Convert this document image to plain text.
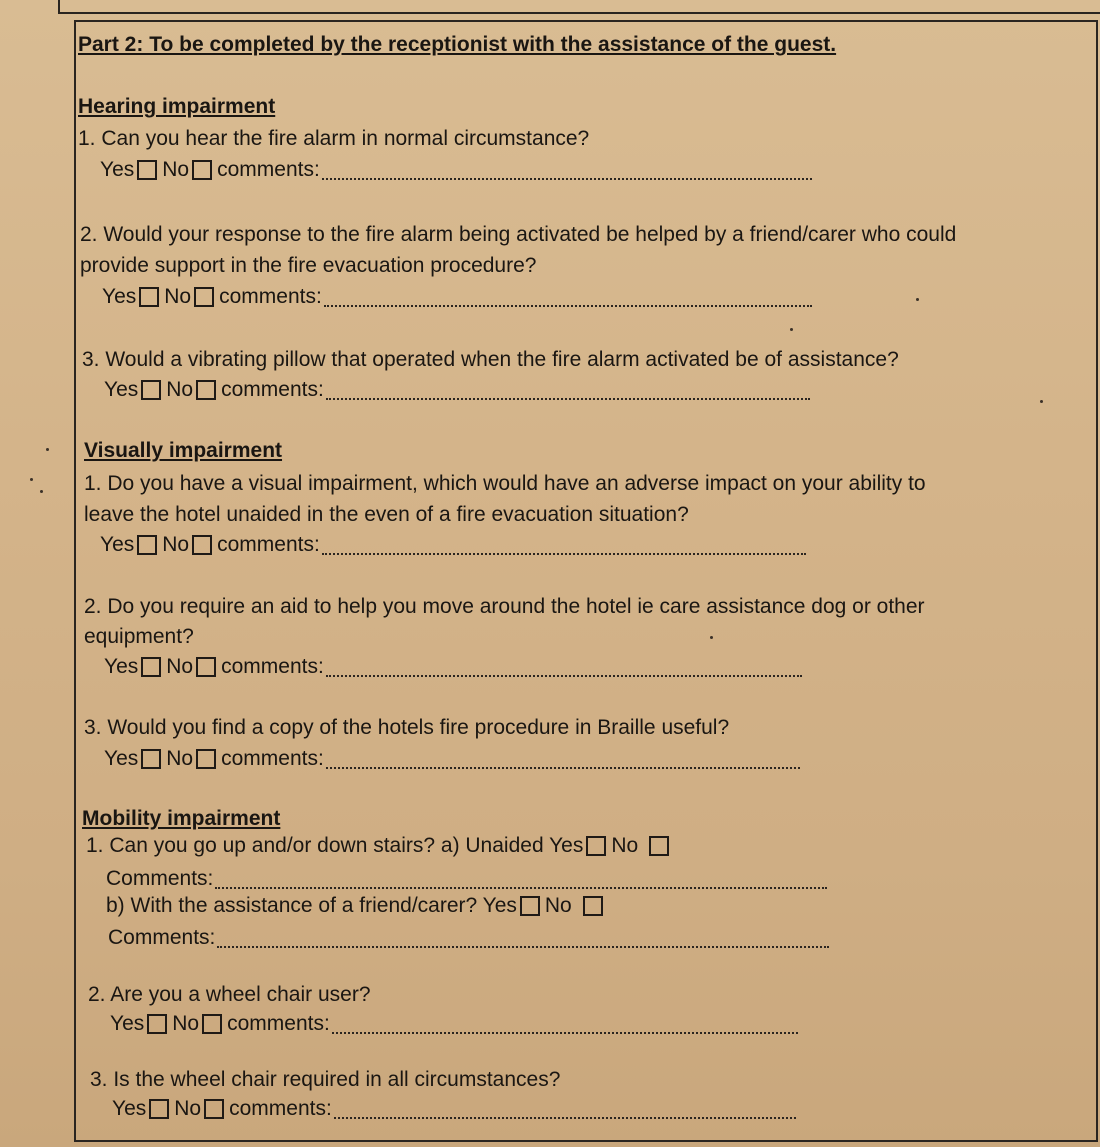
Part 2: To be completed by the receptionist with the assistance of the guest.
Hearing impairment
1. Can you hear the fire alarm in normal circumstance?
Yes No comments:
2. Would your response to the fire alarm being activated be helped by a friend/carer who could
provide support in the fire evacuation procedure?
Yes No comments:
3. Would a vibrating pillow that operated when the fire alarm activated be of assistance?
Yes No comments:
Visually impairment
1. Do you have a visual impairment, which would have an adverse impact on your ability to
leave the hotel unaided in the even of a fire evacuation situation?
Yes No comments:
2. Do you require an aid to help you move around the hotel ie care assistance dog or other
equipment?
Yes No comments:
3. Would you find a copy of the hotels fire procedure in Braille useful?
Yes No comments:
Mobility impairment
1. Can you go up and/or down stairs? a) Unaided Yes No
Comments:
b) With the assistance of a friend/carer? Yes No
Comments:
2. Are you a wheel chair user?
Yes No comments:
3. Is the wheel chair required in all circumstances?
Yes No comments:
